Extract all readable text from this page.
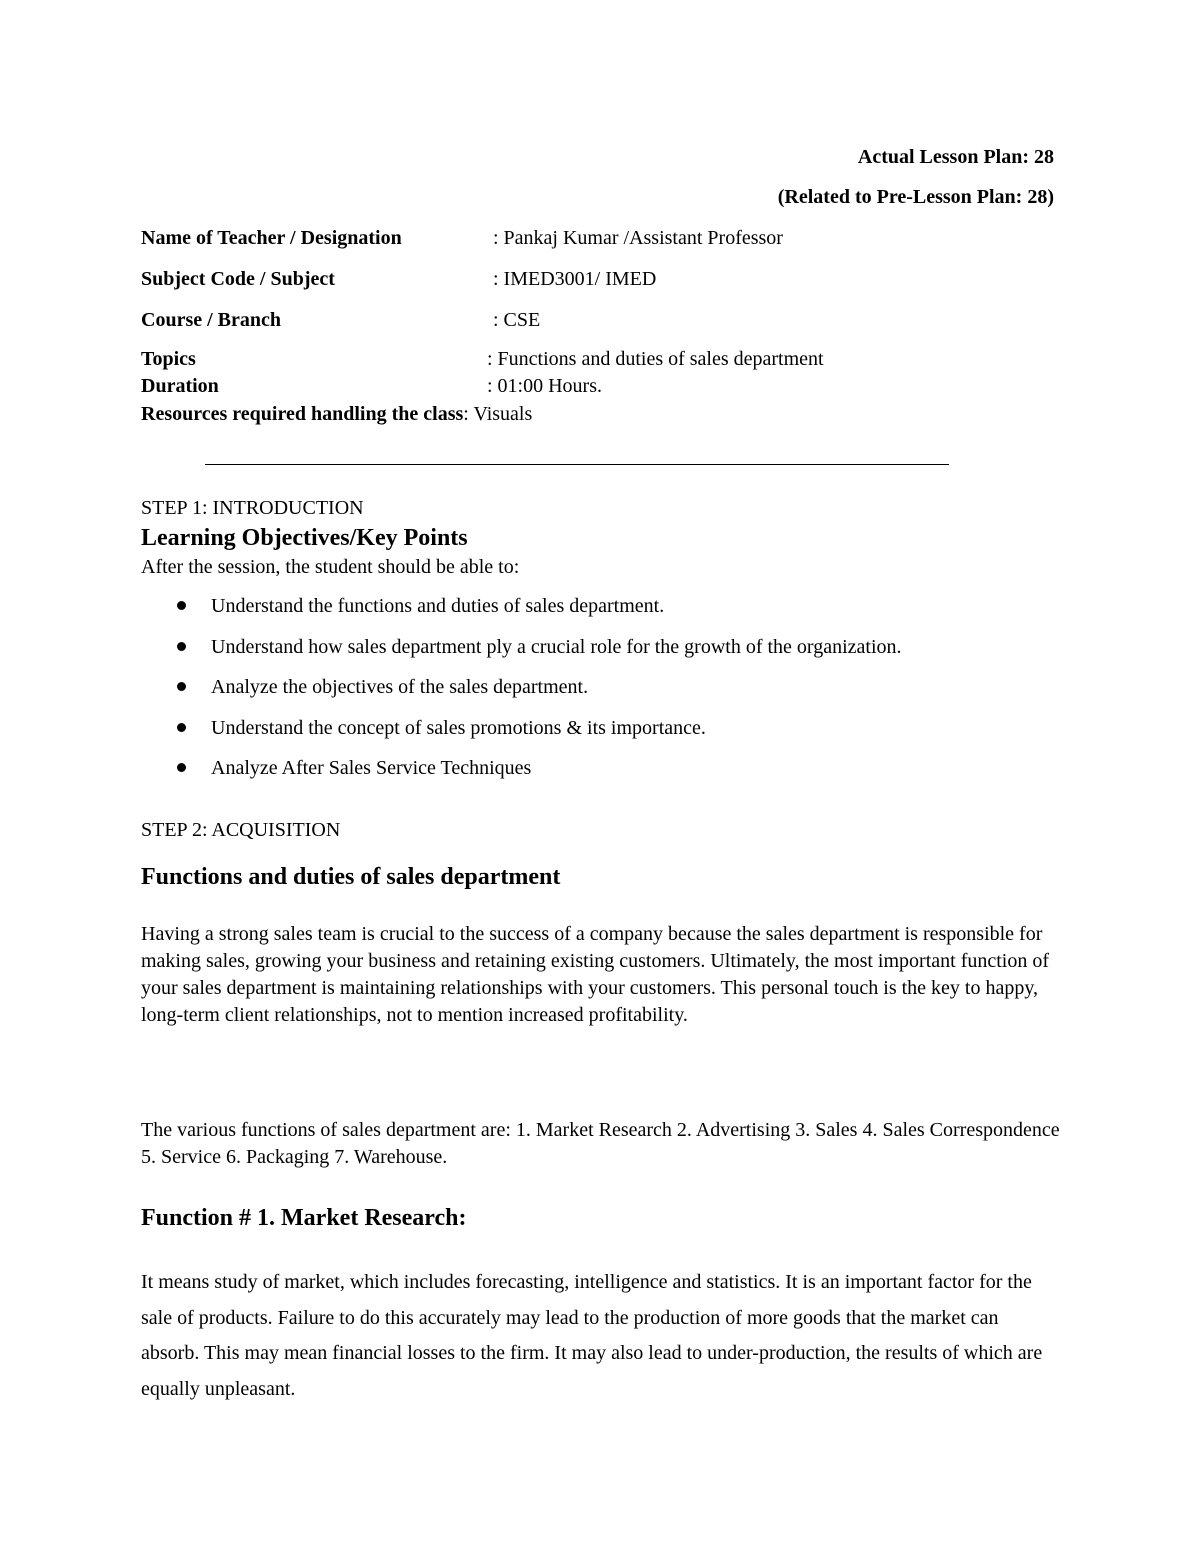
Actual Lesson Plan: 28
(Related to Pre-Lesson Plan: 28)
Name of Teacher / Designation	: Pankaj Kumar /Assistant Professor
Subject Code / Subject	: IMED3001/ IMED
Course / Branch	: CSE
Topics	: Functions and duties of sales department
Duration	: 01:00 Hours.
Resources required handling the class: Visuals
STEP 1: INTRODUCTION
Learning Objectives/Key Points
After the session, the student should be able to:
Understand the functions and duties of sales department.
Understand how sales department ply a crucial role for the growth of the organization.
Analyze the objectives of the sales department.
Understand the concept of sales promotions & its importance.
Analyze After Sales Service Techniques
STEP 2: ACQUISITION
Functions and duties of sales department
Having a strong sales team is crucial to the success of a company because the sales department is responsible for making sales, growing your business and retaining existing customers. Ultimately, the most important function of your sales department is maintaining relationships with your customers. This personal touch is the key to happy, long-term client relationships, not to mention increased profitability.
The various functions of sales department are: 1. Market Research 2. Advertising 3. Sales 4. Sales Correspondence 5. Service 6. Packaging 7. Warehouse.
Function # 1. Market Research:
It means study of market, which includes forecasting, intelligence and statistics. It is an important factor for the sale of products. Failure to do this accurately may lead to the production of more goods that the market can absorb. This may mean financial losses to the firm. It may also lead to under-production, the results of which are equally unpleasant.
